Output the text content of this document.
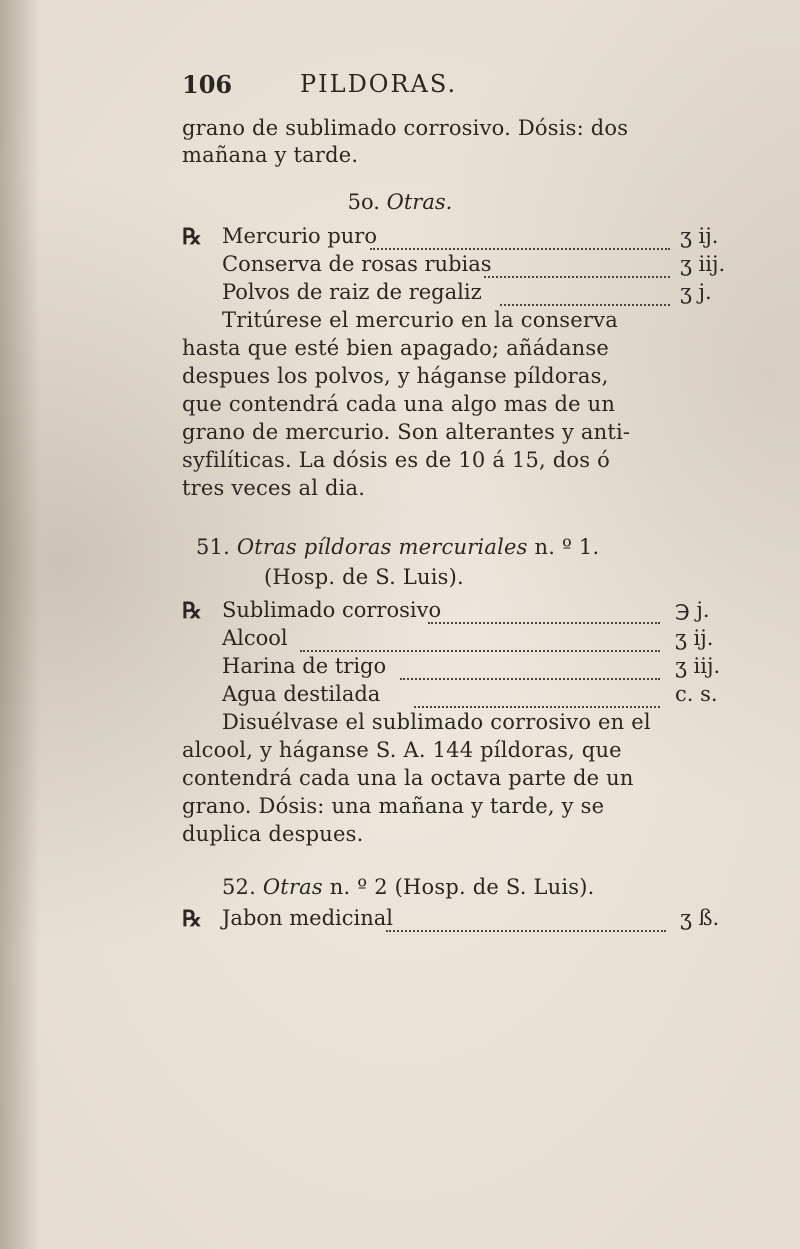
106	PILDORAS.
grano de sublimado corrosivo. Dósis: dos
mañana y tarde.
5o. Otras.
℞ Mercurio puro	ʒ ij.
Conserva de rosas rubias	ʒ iij.
Polvos de raiz de regaliz	ʒ j.
Tritúrese el mercurio en la conserva
hasta que esté bien apagado; añádanse
despues los polvos, y háganse píldoras,
que contendrá cada una algo mas de un
grano de mercurio. Son alterantes y anti-
syfilíticas. La dósis es de 10 á 15, dos ó
tres veces al dia.
51. Otras píldoras mercuriales n. º 1.
(Hosp. de S. Luis).
℞ Sublimado corrosivo	℈ j.
Alcool	ʒ ij.
Harina de trigo	ʒ iij.
Agua destilada	c. s.
Disuélvase el sublimado corrosivo en el
alcool, y háganse S. A. 144 píldoras, que
contendrá cada una la octava parte de un
grano. Dósis: una mañana y tarde, y se
duplica despues.
52. Otras n. º 2 (Hosp. de S. Luis).
℞ Jabon medicinal	ʒ ß.
